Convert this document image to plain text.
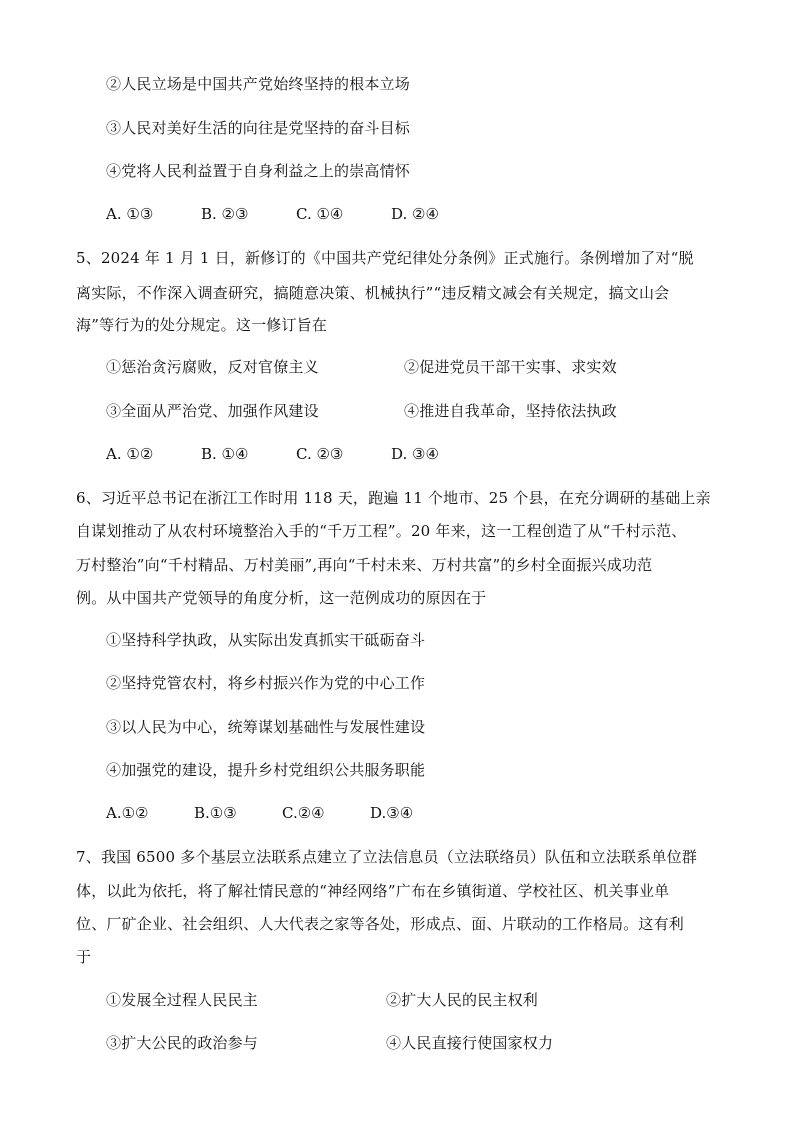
②人民立场是中国共产党始终坚持的根本立场
③人民对美好生活的向往是党坚持的奋斗目标
④党将人民利益置于自身利益之上的崇高情怀
A. ①③	B. ②③	C. ①④	D. ②④
5、2024 年 1 月 1 日，新修订的《中国共产党纪律处分条例》正式施行。条例增加了对“脱
离实际，不作深入调查研究，搞随意决策、机械执行”“违反精文减会有关规定，搞文山会
海”等行为的处分规定。这一修订旨在
①惩治贪污腐败，反对官僚主义	②促进党员干部干实事、求实效
③全面从严治党、加强作风建设	④推进自我革命，坚持依法执政
A. ①②	B. ①④	C. ②③	D. ③④
6、习近平总书记在浙江工作时用 118 天，跑遍 11 个地市、25 个县，在充分调研的基础上亲
自谋划推动了从农村环境整治入手的“千万工程”。20 年来，这一工程创造了从“千村示范、
万村整治”向“千村精品、万村美丽”,再向“千村未来、万村共富”的乡村全面振兴成功范
例。从中国共产党领导的角度分析，这一范例成功的原因在于
①坚持科学执政，从实际出发真抓实干砥砺奋斗
②坚持党管农村，将乡村振兴作为党的中心工作
③以人民为中心，统筹谋划基础性与发展性建设
④加强党的建设，提升乡村党组织公共服务职能
A.①②	B.①③	C.②④	D.③④
7、我国 6500 多个基层立法联系点建立了立法信息员（立法联络员）队伍和立法联系单位群
体，以此为依托，将了解社情民意的“神经网络”广布在乡镇街道、学校社区、机关事业单
位、厂矿企业、社会组织、人大代表之家等各处，形成点、面、片联动的工作格局。这有利
于
①发展全过程人民民主	②扩大人民的民主权利
③扩大公民的政治参与	④人民直接行使国家权力
